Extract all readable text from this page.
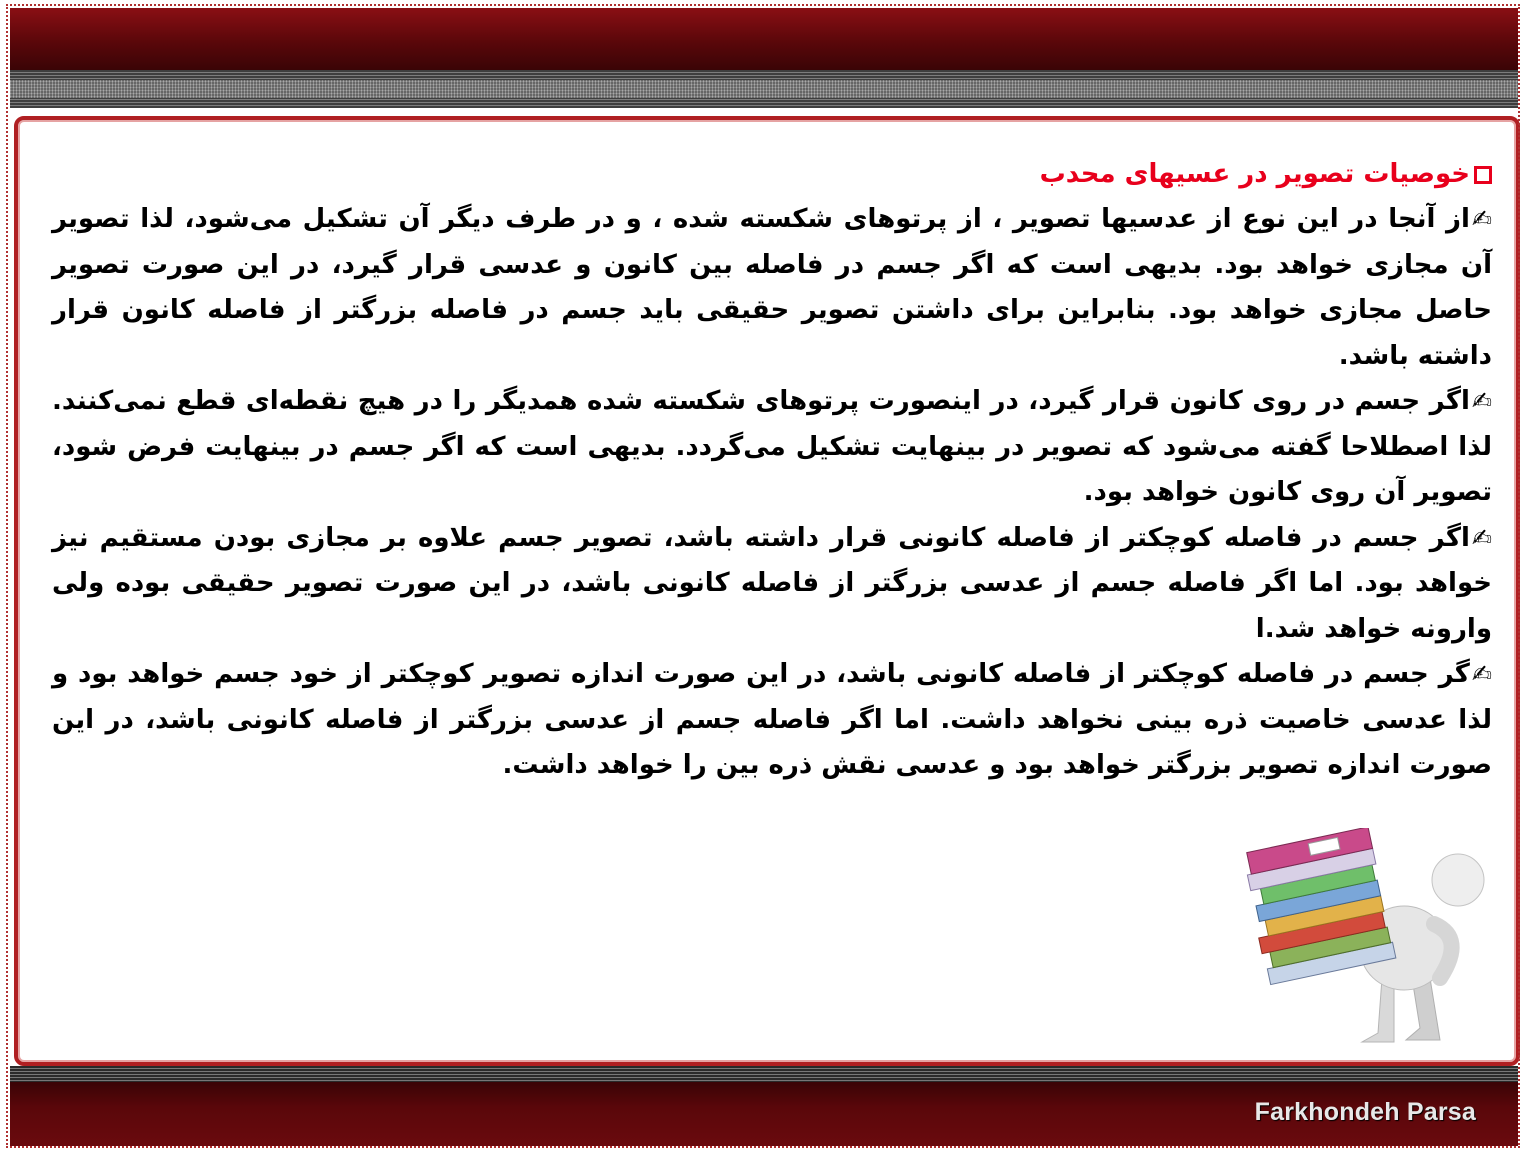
خوصیات تصویر در عسیهای محدب

✍از آنجا در این نوع از عدسیها تصویر ، از پرتوهای شکسته شده ، و در طرف دیگر آن تشکیل می‌شود، لذا تصویر آن مجازی خواهد بود. بدیهی است که اگر جسم در فاصله بین کانون و عدسی قرار گیرد، در این صورت تصویر حاصل مجازی خواهد بود. بنابراین برای داشتن تصویر حقیقی باید جسم در فاصله بزرگتر از فاصله کانون قرار داشته باشد.

✍اگر جسم در روی کانون قرار گیرد، در اینصورت پرتوهای شکسته شده همدیگر را در هیچ نقطه‌ای قطع نمی‌کنند. لذا اصطلاحا گفته می‌شود که تصویر در بینهایت تشکیل می‌گردد. بدیهی است که اگر جسم در بینهایت فرض شود، تصویر آن روی کانون خواهد بود.

✍اگر جسم در فاصله کوچکتر از فاصله کانونی قرار داشته باشد، تصویر جسم علاوه بر مجازی بودن مستقیم نیز خواهد بود. اما اگر فاصله جسم از عدسی بزرگتر از فاصله کانونی باشد، در این صورت تصویر حقیقی بوده ولی وارونه خواهد شد.ا

✍گر جسم در فاصله کوچکتر از فاصله کانونی باشد، در این صورت اندازه تصویر کوچکتر از خود جسم خواهد بود و لذا عدسی خاصیت ذره بینی نخواهد داشت. اما اگر فاصله جسم از عدسی بزرگتر از فاصله کانونی باشد، در این صورت اندازه تصویر بزرگتر خواهد بود و عدسی نقش ذره بین را خواهد داشت.

Farkhondeh Parsa
